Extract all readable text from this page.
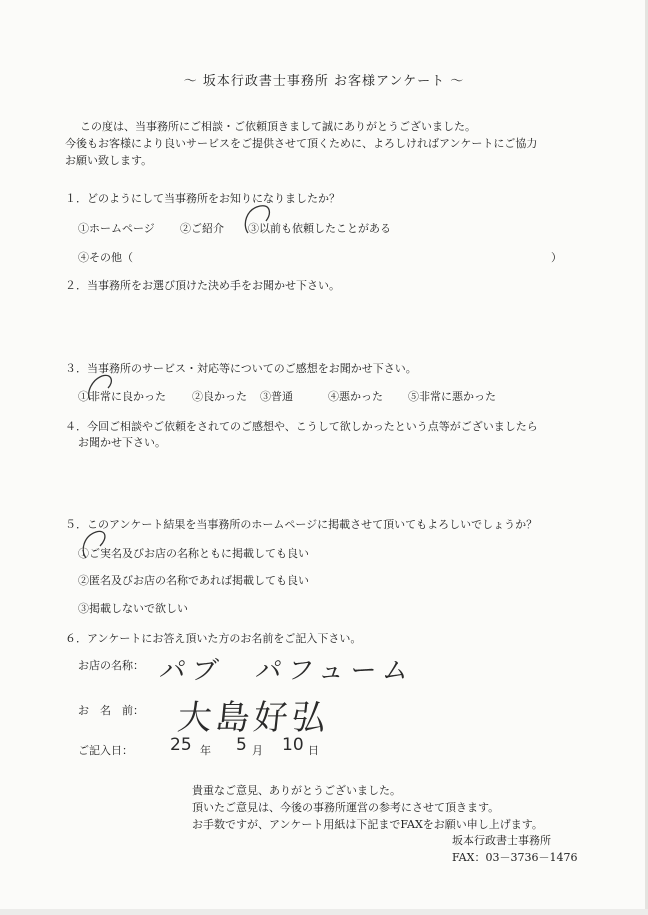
〜 坂本行政書士事務所 お客様アンケート 〜
この度は、当事務所にご相談・ご依頼頂きまして誠にありがとうございました。
今後もお客様により良いサービスをご提供させて頂くために、よろしければアンケートにご協力
お願い致します。
１．どのようにして当事務所をお知りになりましたか？
①ホームページ ②ご紹介 ③以前も依頼したことがある
④その他（	）
２．当事務所をお選び頂けた決め手をお聞かせ下さい。
３．当事務所のサービス・対応等についてのご感想をお聞かせ下さい。
①非常に良かった ②良かった ③普通	④悪かった ⑤非常に悪かった
４．今回ご相談やご依頼をされてのご感想や、こうして欲しかったという点等がございましたら
お聞かせ下さい。
５．このアンケート結果を当事務所のホームページに掲載させて頂いてもよろしいでしょうか？
①ご実名及びお店の名称ともに掲載しても良い
②匿名及びお店の名称であれば掲載しても良い
③掲載しないで欲しい
６．アンケートにお答え頂いた方のお名前をご記入下さい。
お店の名称： パブ　パフューム
お　名　前： 大島好弘
ご記入日： 25 年 5 月 10 日
貴重なご意見、ありがとうございました。
頂いたご意見は、今後の事務所運営の参考にさせて頂きます。
お手数ですが、アンケート用紙は下記までFAXをお願い申し上げます。
坂本行政書士事務所
FAX：03－3736－1476
